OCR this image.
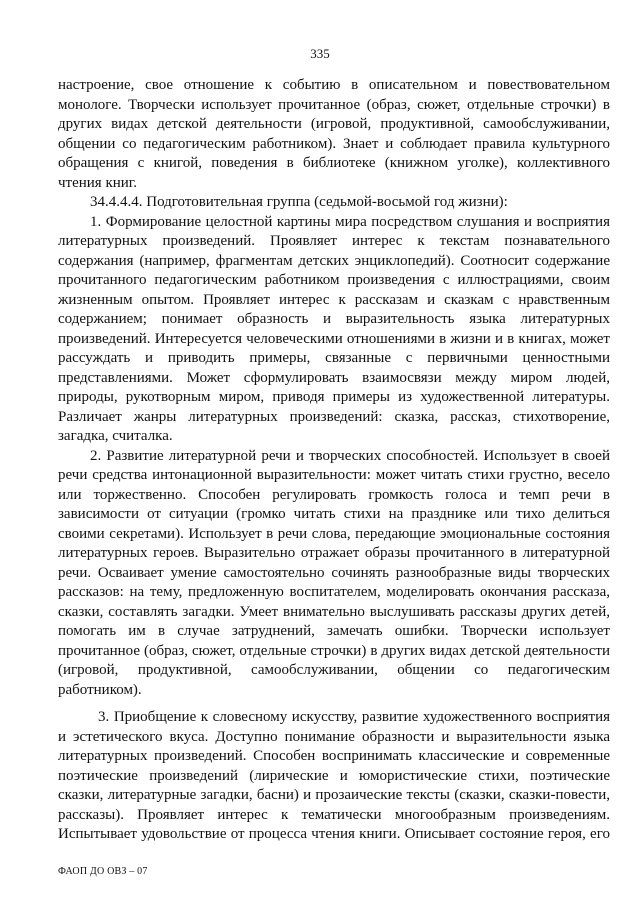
335
настроение, свое отношение к событию в описательном и повествовательном
монологе. Творчески использует прочитанное (образ, сюжет, отдельные строчки) в
других видах детской деятельности (игровой, продуктивной, самообслуживании,
общении со педагогическим работником). Знает и соблюдает правила культурного
обращения с книгой, поведения в библиотеке (книжном уголке), коллективного
чтения книг.
34.4.4.4. Подготовительная группа (седьмой-восьмой год жизни):
1. Формирование целостной картины мира посредством слушания и восприятия
литературных произведений. Проявляет интерес к текстам познавательного
содержания (например, фрагментам детских энциклопедий). Соотносит содержание
прочитанного педагогическим работником произведения с иллюстрациями, своим
жизненным опытом. Проявляет интерес к рассказам и сказкам с нравственным
содержанием; понимает образность и выразительность языка литературных
произведений. Интересуется человеческими отношениями в жизни и в книгах, может
рассуждать и приводить примеры, связанные с первичными ценностными
представлениями. Может сформулировать взаимосвязи между миром людей,
природы, рукотворным миром, приводя примеры из художественной литературы.
Различает жанры литературных произведений: сказка, рассказ, стихотворение,
загадка, считалка.
2. Развитие литературной речи и творческих способностей. Использует в своей
речи средства интонационной выразительности: может читать стихи грустно, весело
или торжественно. Способен регулировать громкость голоса и темп речи в
зависимости от ситуации (громко читать стихи на празднике или тихо делиться
своими секретами). Использует в речи слова, передающие эмоциональные состояния
литературных героев. Выразительно отражает образы прочитанного в литературной
речи. Осваивает умение самостоятельно сочинять разнообразные виды творческих
рассказов: на тему, предложенную воспитателем, моделировать окончания рассказа,
сказки, составлять загадки. Умеет внимательно выслушивать рассказы других детей,
помогать им в случае затруднений, замечать ошибки. Творчески использует
прочитанное (образ, сюжет, отдельные строчки) в других видах детской деятельности
(игровой, продуктивной, самообслуживании, общении со педагогическим
работником).
3. Приобщение к словесному искусству, развитие художественного восприятия
и эстетического вкуса. Доступно понимание образности и выразительности языка
литературных произведений. Способен воспринимать классические и современные
поэтические произведений (лирические и юмористические стихи, поэтические
сказки, литературные загадки, басни) и прозаические тексты (сказки, сказки-повести,
рассказы). Проявляет интерес к тематически многообразным произведениям.
Испытывает удовольствие от процесса чтения книги. Описывает состояние героя, его
ФАОП ДО ОВЗ – 07
